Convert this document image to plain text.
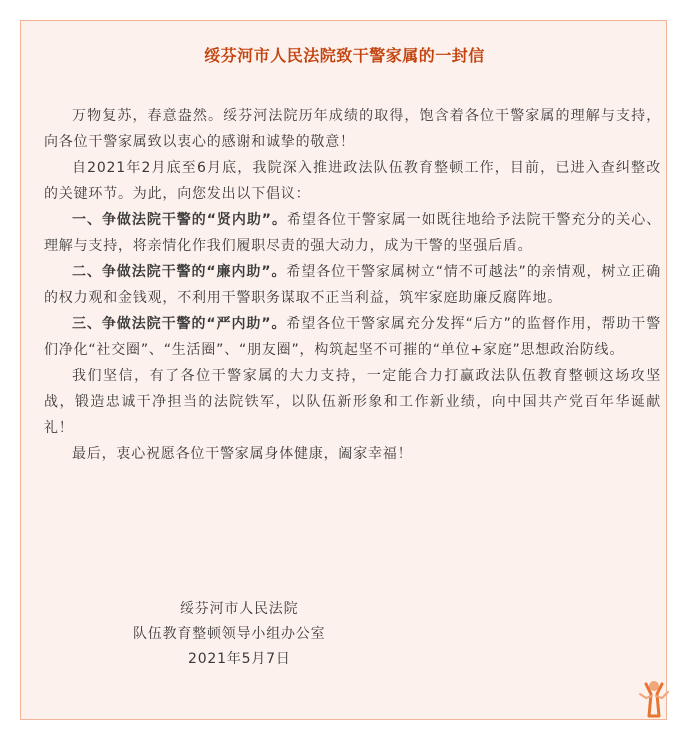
绥芬河市人民法院致干警家属的一封信

万物复苏，春意盎然。绥芬河法院历年成绩的取得，饱含着各位干警家属的理解与支持，向各位干警家属致以衷心的感谢和诚挚的敬意！

自2021年2月底至6月底，我院深入推进政法队伍教育整顿工作，目前，已进入查纠整改的关键环节。为此，向您发出以下倡议：

一、争做法院干警的“贤内助”。希望各位干警家属一如既往地给予法院干警充分的关心、理解与支持，将亲情化作我们履职尽责的强大动力，成为干警的坚强后盾。

二、争做法院干警的“廉内助”。希望各位干警家属树立“情不可越法”的亲情观，树立正确的权力观和金钱观，不利用干警职务谋取不正当利益，筑牢家庭助廉反腐阵地。

三、争做法院干警的“严内助”。希望各位干警家属充分发挥“后方”的监督作用，帮助干警们净化“社交圈”、“生活圈”、“朋友圈”，构筑起坚不可摧的“单位+家庭”思想政治防线。

我们坚信，有了各位干警家属的大力支持，一定能合力打赢政法队伍教育整顿这场攻坚战，锻造忠诚干净担当的法院铁军，以队伍新形象和工作新业绩，向中国共产党百年华诞献礼！

最后，衷心祝愿各位干警家属身体健康，阖家幸福！

绥芬河市人民法院
队伍教育整顿领导小组办公室
2021年5月7日
